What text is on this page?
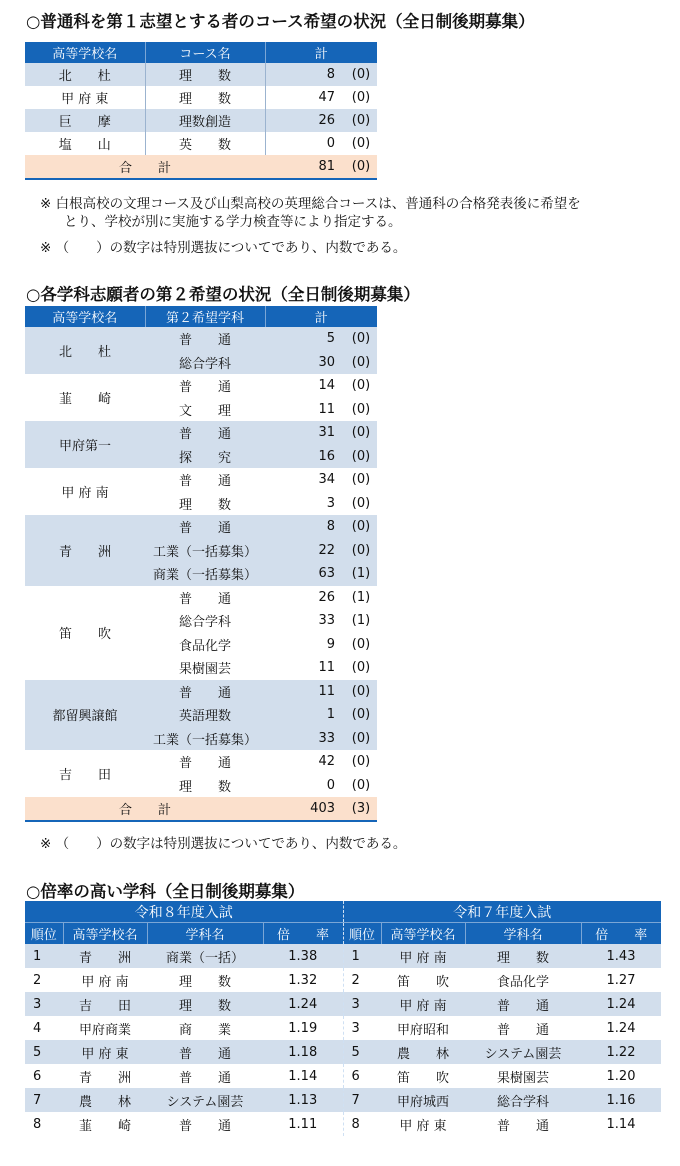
○普通科を第１志望とする者のコース希望の状況（全日制後期募集）
高等学校名	コース名	計	
北　　杜	理　　数	8	(0)
甲 府 東	理　　数	47	(0)
巨　　摩	理数創造	26	(0)
塩　　山	英　　数	0	(0)
合　　計		81	(0)
※ 白根高校の文理コース及び山梨高校の英理総合コースは、普通科の合格発表後に希望を
とり、学校が別に実施する学力検査等により指定する。
※ （　　）の数字は特別選抜についてであり、内数である。
○各学科志願者の第２希望の状況（全日制後期募集）
高等学校名	第２希望学科	計	
北　　杜	普　　通	5	(0)
	総合学科	30	(0)
韮　　崎	普　　通	14	(0)
	文　　理	11	(0)
甲府第一	普　　通	31	(0)
	探　　究	16	(0)
甲 府 南	普　　通	34	(0)
	理　　数	3	(0)
青　　洲	普　　通	8	(0)
	工業（一括募集）	22	(0)
	商業（一括募集）	63	(1)
笛　　吹	普　　通	26	(1)
	総合学科	33	(1)
	食品化学	9	(0)
	果樹園芸	11	(0)
都留興譲館	普　　通	11	(0)
	英語理数	1	(0)
	工業（一括募集）	33	(0)
吉　　田	普　　通	42	(0)
	理　　数	0	(0)
合　　計		403	(3)
※ （　　）の数字は特別選抜についてであり、内数である。
○倍率の高い学科（全日制後期募集）
令和８年度入試				令和７年度入試			
順位	高等学校名	学科名	倍　　率	順位	高等学校名	学科名	倍　　率
1	青　　洲	商業（一括）	1.38	1	甲 府 南	理　　数	1.43
2	甲 府 南	理　　数	1.32	2	笛　　吹	食品化学	1.27
3	吉　　田	理　　数	1.24	3	甲 府 南	普　　通	1.24
4	甲府商業	商　　業	1.19	3	甲府昭和	普　　通	1.24
5	甲 府 東	普　　通	1.18	5	農　　林	システム園芸	1.22
6	青　　洲	普　　通	1.14	6	笛　　吹	果樹園芸	1.20
7	農　　林	システム園芸	1.13	7	甲府城西	総合学科	1.16
8	韮　　崎	普　　通	1.11	8	甲 府 東	普　　通	1.14
